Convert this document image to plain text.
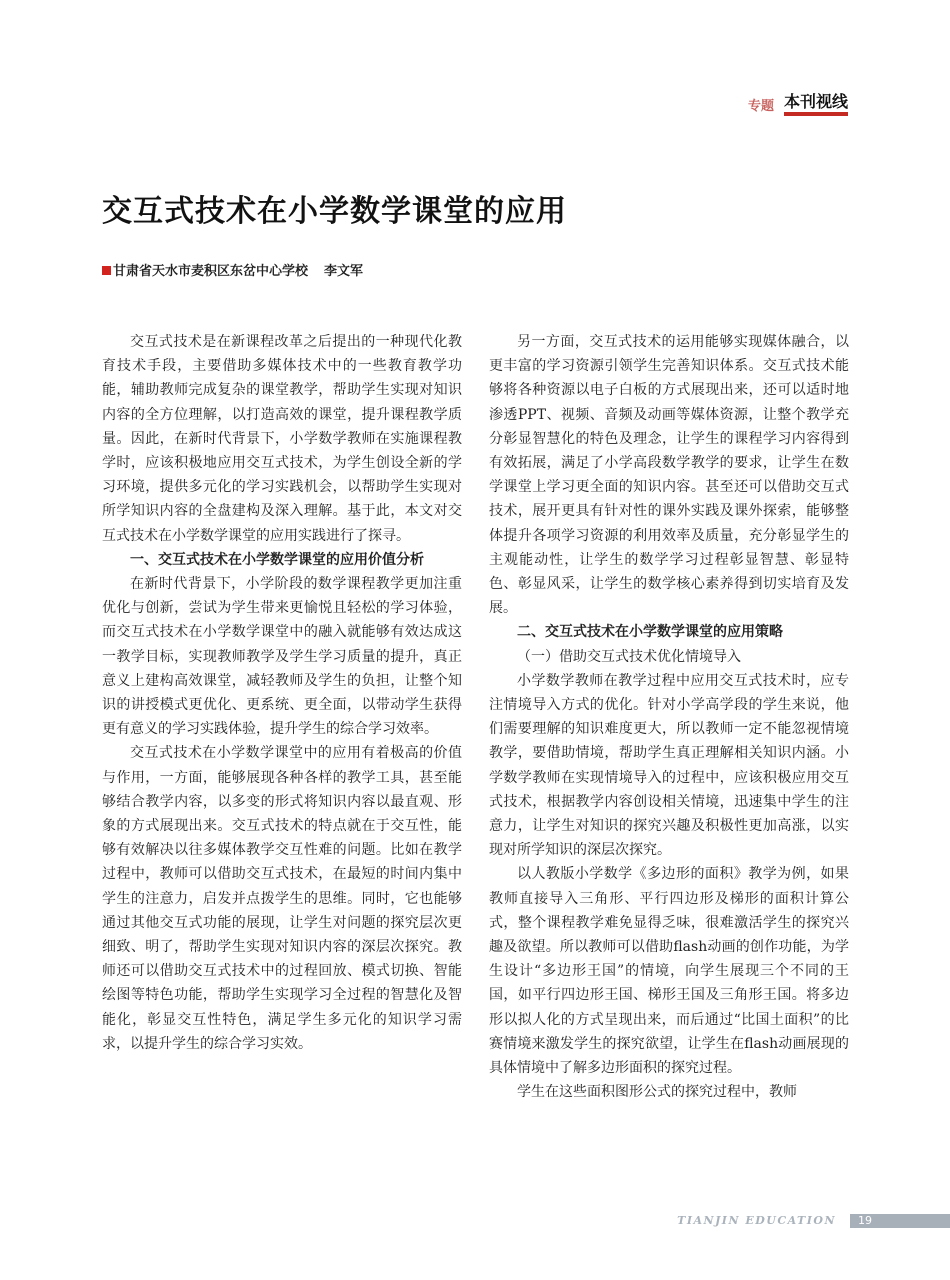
专题 本刊视线
交互式技术在小学数学课堂的应用
甘肃省天水市麦积区东岔中心学校 李文军

交互式技术是在新课程改革之后提出的一种现代化教育技术手段，主要借助多媒体技术中的一些教育教学功能，辅助教师完成复杂的课堂教学，帮助学生实现对知识内容的全方位理解，以打造高效的课堂，提升课程教学质量。因此，在新时代背景下，小学数学教师在实施课程教学时，应该积极地应用交互式技术，为学生创设全新的学习环境，提供多元化的学习实践机会，以帮助学生实现对所学知识内容的全盘建构及深入理解。基于此，本文对交互式技术在小学数学课堂的应用实践进行了探寻。

一、交互式技术在小学数学课堂的应用价值分析

在新时代背景下，小学阶段的数学课程教学更加注重优化与创新，尝试为学生带来更愉悦且轻松的学习体验，而交互式技术在小学数学课堂中的融入就能够有效达成这一教学目标，实现教师教学及学生学习质量的提升，真正意义上建构高效课堂，减轻教师及学生的负担，让整个知识的讲授模式更优化、更系统、更全面，以带动学生获得更有意义的学习实践体验，提升学生的综合学习效率。

交互式技术在小学数学课堂中的应用有着极高的价值与作用，一方面，能够展现各种各样的教学工具，甚至能够结合教学内容，以多变的形式将知识内容以最直观、形象的方式展现出来。交互式技术的特点就在于交互性，能够有效解决以往多媒体教学交互性难的问题。比如在教学过程中，教师可以借助交互式技术，在最短的时间内集中学生的注意力，启发并点拨学生的思维。同时，它也能够通过其他交互式功能的展现，让学生对问题的探究层次更细致、明了，帮助学生实现对知识内容的深层次探究。教师还可以借助交互式技术中的过程回放、模式切换、智能绘图等特色功能，帮助学生实现学习全过程的智慧化及智能化，彰显交互性特色，满足学生多元化的知识学习需求，以提升学生的综合学习实效。

另一方面，交互式技术的运用能够实现媒体融合，以更丰富的学习资源引领学生完善知识体系。交互式技术能够将各种资源以电子白板的方式展现出来，还可以适时地渗透PPT、视频、音频及动画等媒体资源，让整个教学充分彰显智慧化的特色及理念，让学生的课程学习内容得到有效拓展，满足了小学高段数学教学的要求，让学生在数学课堂上学习更全面的知识内容。甚至还可以借助交互式技术，展开更具有针对性的课外实践及课外探索，能够整体提升各项学习资源的利用效率及质量，充分彰显学生的主观能动性，让学生的数学学习过程彰显智慧、彰显特色、彰显风采，让学生的数学核心素养得到切实培育及发展。

二、交互式技术在小学数学课堂的应用策略

（一）借助交互式技术优化情境导入

小学数学教师在教学过程中应用交互式技术时，应专注情境导入方式的优化。针对小学高学段的学生来说，他们需要理解的知识难度更大，所以教师一定不能忽视情境教学，要借助情境，帮助学生真正理解相关知识内涵。小学数学教师在实现情境导入的过程中，应该积极应用交互式技术，根据教学内容创设相关情境，迅速集中学生的注意力，让学生对知识的探究兴趣及积极性更加高涨，以实现对所学知识的深层次探究。

以人教版小学数学《多边形的面积》教学为例，如果教师直接导入三角形、平行四边形及梯形的面积计算公式，整个课程教学难免显得乏味，很难激活学生的探究兴趣及欲望。所以教师可以借助flash动画的创作功能，为学生设计“多边形王国”的情境，向学生展现三个不同的王国，如平行四边形王国、梯形王国及三角形王国。将多边形以拟人化的方式呈现出来，而后通过“比国土面积”的比赛情境来激发学生的探究欲望，让学生在flash动画展现的具体情境中了解多边形面积的探究过程。

学生在这些面积图形公式的探究过程中，教师

TIANJIN EDUCATION 19
